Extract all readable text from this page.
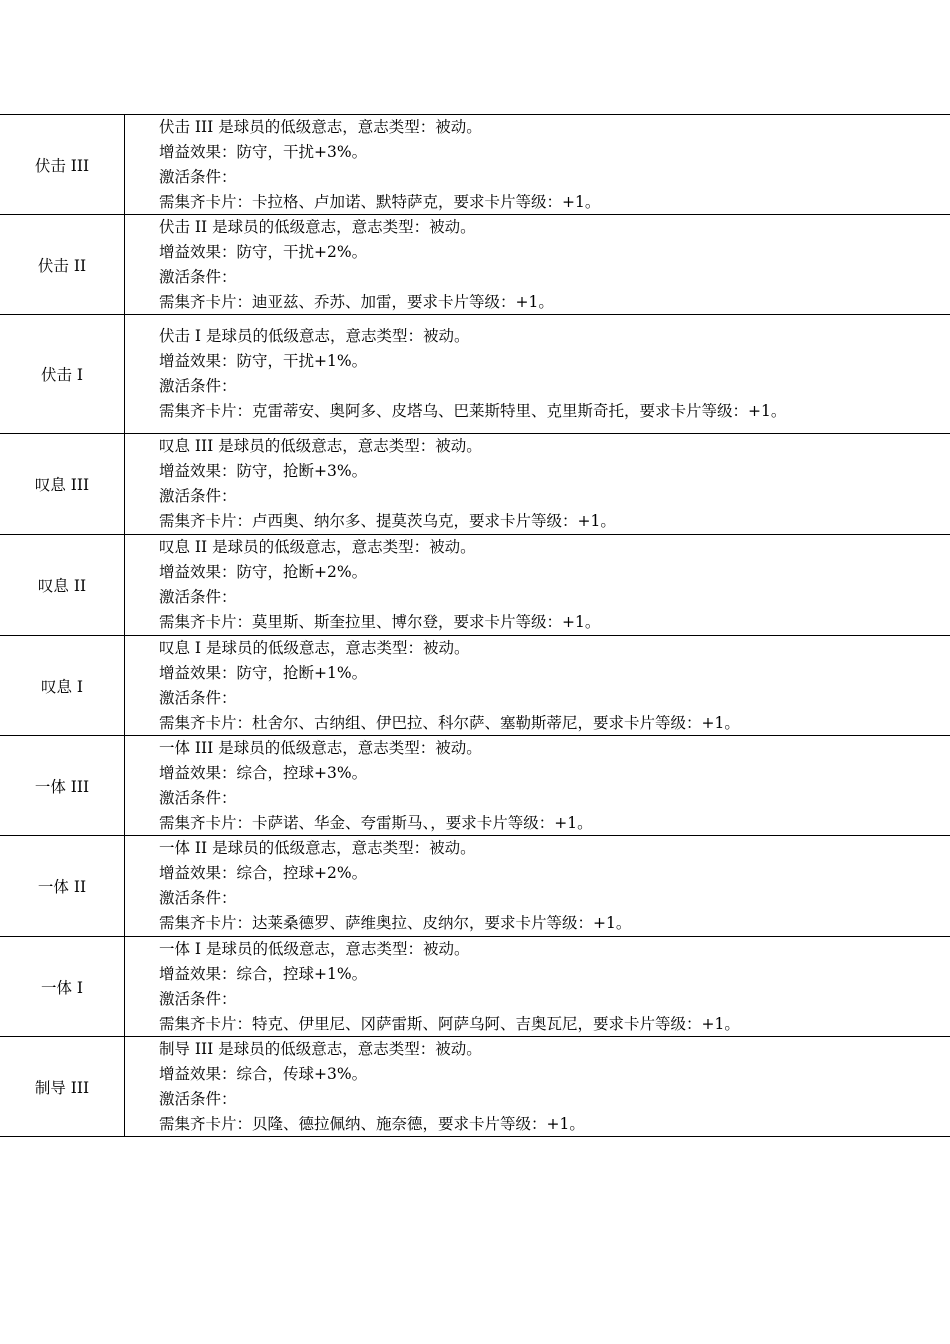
伏击 III
伏击 III 是球员的低级意志，意志类型：被动。
增益效果：防守，干扰+3%。
激活条件：
需集齐卡片：卡拉格、卢加诺、默特萨克，要求卡片等级：+1。
伏击 II
伏击 II 是球员的低级意志，意志类型：被动。
增益效果：防守，干扰+2%。
激活条件：
需集齐卡片：迪亚兹、乔苏、加雷，要求卡片等级：+1。
伏击 I
伏击 I 是球员的低级意志，意志类型：被动。
增益效果：防守，干扰+1%。
激活条件：
需集齐卡片：克雷蒂安、奥阿多、皮塔乌、巴莱斯特里、克里斯奇托，要求卡片等级：+1。
叹息 III
叹息 III 是球员的低级意志，意志类型：被动。
增益效果：防守，抢断+3%。
激活条件：
需集齐卡片：卢西奥、纳尔多、提莫茨乌克，要求卡片等级：+1。
叹息 II
叹息 II 是球员的低级意志，意志类型：被动。
增益效果：防守，抢断+2%。
激活条件：
需集齐卡片：莫里斯、斯奎拉里、博尔登，要求卡片等级：+1。
叹息 I
叹息 I 是球员的低级意志，意志类型：被动。
增益效果：防守，抢断+1%。
激活条件：
需集齐卡片：杜舍尔、古纳组、伊巴拉、科尔萨、塞勒斯蒂尼，要求卡片等级：+1。
一体 III
一体 III 是球员的低级意志，意志类型：被动。
增益效果：综合，控球+3%。
激活条件：
需集齐卡片：卡萨诺、华金、夸雷斯马、，要求卡片等级：+1。
一体 II
一体 II 是球员的低级意志，意志类型：被动。
增益效果：综合，控球+2%。
激活条件：
需集齐卡片：达莱桑德罗、萨维奥拉、皮纳尔，要求卡片等级：+1。
一体 I
一体 I 是球员的低级意志，意志类型：被动。
增益效果：综合，控球+1%。
激活条件：
需集齐卡片：特克、伊里尼、冈萨雷斯、阿萨乌阿、吉奥瓦尼，要求卡片等级：+1。
制导 III
制导 III 是球员的低级意志，意志类型：被动。
增益效果：综合，传球+3%。
激活条件：
需集齐卡片：贝隆、德拉佩纳、施奈德，要求卡片等级：+1。
